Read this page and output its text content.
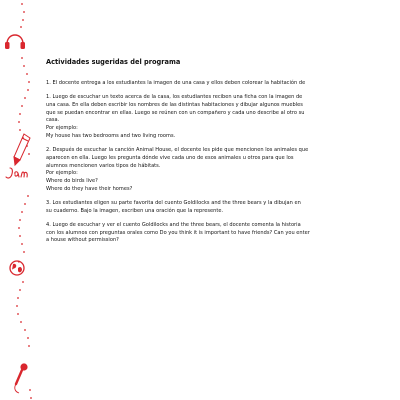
Actividades sugeridas del programa
1. El docente entrega a los estudiantes la imagen de una casa y ellos deben colorear la habitación de
1. Luego de escuchar un texto acerca de la casa, los estudiantes reciben una ficha con la imagen de
una casa. En ella deben escribir los nombres de las distintas habitaciones y dibujar algunos muebles
que se puedan encontrar en ellas. Luego se reúnen con un compañero y cada uno describe al otro su
casa.
Por ejemplo:
My house has two bedrooms and two living rooms.
2. Después de escuchar la canción Animal House, el docente les pide que mencionen los animales que
aparecen en ella. Luego les pregunta dónde vive cada uno de esos animales u otros para que los
alumnos mencionen varios tipos de hábitats.
Por ejemplo:
Where do birds live?
Where do they have their homes?
3. Los estudiantes eligen su parte favorita del cuento Goldilocks and the three bears y la dibujan en
su cuaderno. Bajo la imagen, escriben una oración que la represente.
4. Luego de escuchar y ver el cuento Goldilocks and the three bears, el docente comenta la historia
con los alumnos con preguntas orales como Do you think it is important to have friends? Can you enter
a house without permission?
